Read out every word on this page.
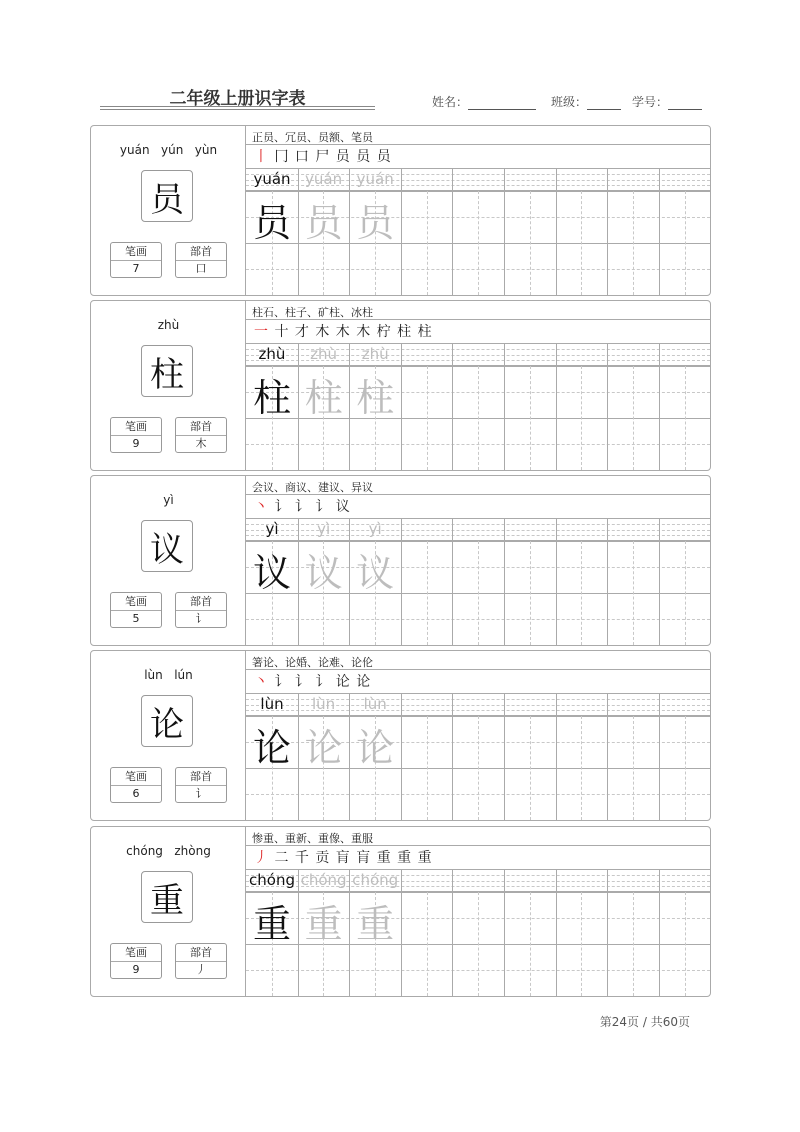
二年级上册识字表	姓名：	班级：	学号：
yuán   yún   yùn
员
笔画
7
部首
口
正员、冗员、员额、笔员
丨 冂 口 尸 员 员 员
yuán yuán yuán
员 员 员
zhù
柱
笔画
9
部首
木
柱石、柱子、矿柱、冰柱
一 十 才 木 木 木 柠 柱 柱
zhù	zhù	zhù
柱 柱 柱
yì
议
笔画
5
部首
讠
会议、商议、建议、异议
丶 讠 讠 讠 议
yì	yì	yì
议 议 议
lùn   lún
论
笔画
6
部首
讠
箸论、论婚、论难、论伦
丶 讠 讠 讠 论 论
lùn	lùn	lùn
论 论 论
chóng   zhòng
重
笔画
9
部首
丿
惨重、重新、重像、重服
丿 二 千 贡 肓 肓 重 重 重
chóng chóng chóng
重 重 重
第24页 / 共60页
